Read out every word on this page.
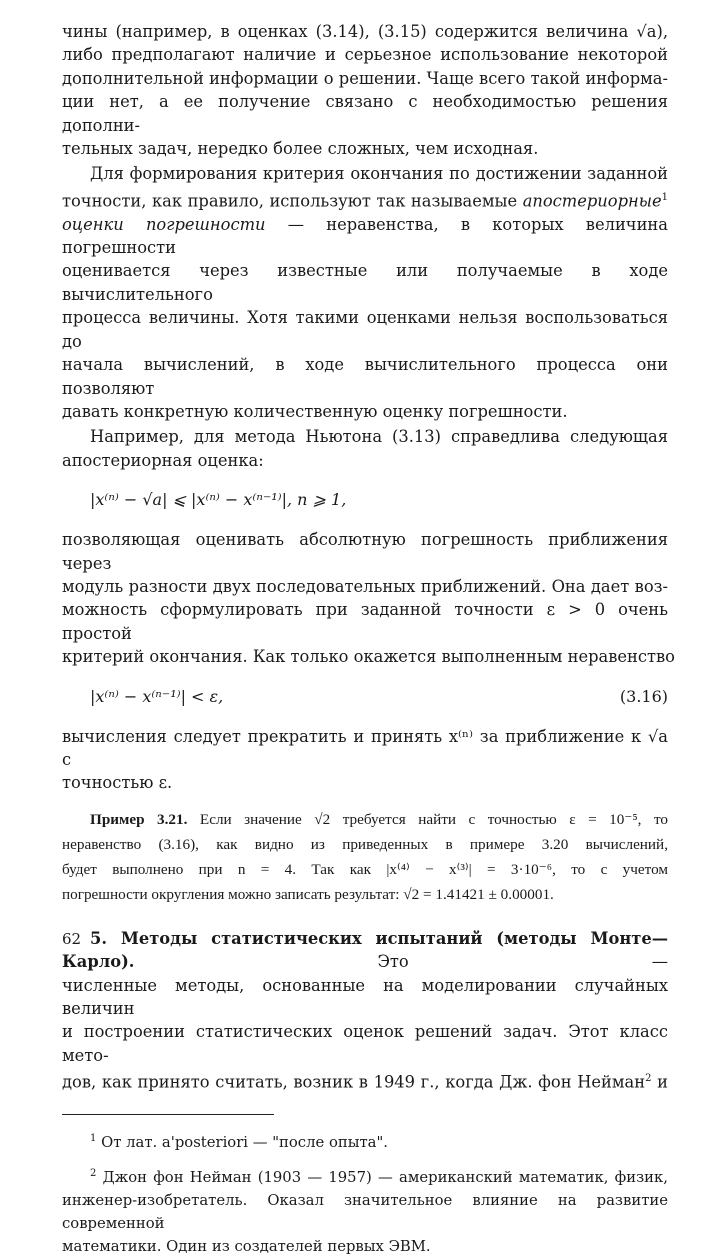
чины (например, в оценках (3.14), (3.15) содержится величина √a),
либо предполагают наличие и серьезное использование некоторой
дополнительной информации о решении. Чаще всего такой информа-
ции нет, а ее получение связано с необходимостью решения дополни-
тельных задач, нередко более сложных, чем исходная.
Для формирования критерия окончания по достижении заданной
точности, как правило, используют так называемые апостериорные$^1$
оценки погрешности — неравенства, в которых величина погрешности
оценивается через известные или получаемые в ходе вычислительного
процесса величины. Хотя такими оценками нельзя воспользоваться до
начала вычислений, в ходе вычислительного процесса они позволяют
давать конкретную количественную оценку погрешности.
Например, для метода Ньютона (3.13) справедлива следующая
апостериорная оценка:
|x⁽ⁿ⁾ − √a| ⩽ |x⁽ⁿ⁾ − x⁽ⁿ⁻¹⁾|, n ⩾ 1,
позволяющая оценивать абсолютную погрешность приближения через
модуль разности двух последовательных приближений. Она дает воз-
можность сформулировать при заданной точности ε > 0 очень простой
критерий окончания. Как только окажется выполненным неравенство
|x⁽ⁿ⁾ − x⁽ⁿ⁻¹⁾| < ε,	(3.16)
вычисления следует прекратить и принять x⁽ⁿ⁾ за приближение к √a с
точностью ε.
Пример 3.21. Если значение √2 требуется найти с точностью ε = 10⁻⁵, то
неравенство (3.16), как видно из приведенных в примере 3.20 вычислений,
будет выполнено при n = 4. Так как |x⁽⁴⁾ − x⁽³⁾| = 3·10⁻⁶, то с учетом
погрешности округления можно записать результат: √2 = 1.41421 ± 0.00001.
5. Методы статистических испытаний (методы Монте—Карло).	Это —
численные методы, основанные на моделировании случайных величин
и построении статистических оценок решений задач. Этот класс мето-
дов, как принято считать, возник в 1949 г., когда Дж. фон Нейман$^2$ и
$^1$ От лат. a'posteriori — "после опыта".
$^2$ Джон фон Нейман (1903 — 1957) — американский математик, физик,
инженер-изобретатель. Оказал значительное влияние на развитие современной
математики. Один из создателей первых ЭВМ.
62
